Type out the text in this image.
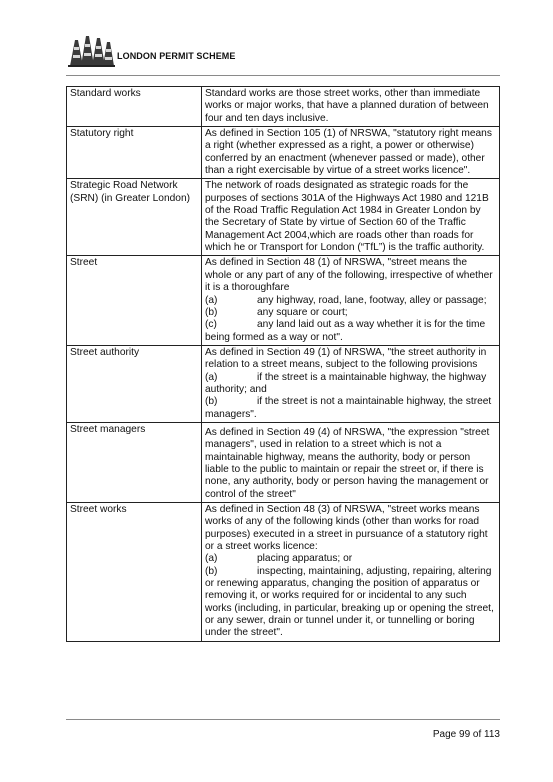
LONDON PERMIT SCHEME
Standard works	Standard works are those street works, other than immediate works or major works, that have a planned duration of between four and ten days inclusive.

Statutory right	As defined in Section 105 (1) of NRSWA, "statutory right means a right (whether expressed as a right, a power or otherwise) conferred by an enactment (whenever passed or made), other than a right exercisable by virtue of a street works licence".

Strategic Road Network (SRN) (in Greater London)	The network of roads designated as strategic roads for the purposes of sections 301A of the Highways Act 1980 and 121B of the Road Traffic Regulation Act 1984 in Greater London by the Secretary of State by virtue of Section 60 of the Traffic Management Act 2004,which are roads other than roads for which he or Transport for London (“TfL”) is the traffic authority.

Street	As defined in Section 48 (1) of NRSWA, "street means the whole or any part of any of the following, irrespective of whether it is a thoroughfare
(a) any highway, road, lane, footway, alley or passage;
(b) any square or court;
(c) any land laid out as a way whether it is for the time being formed as a way or not".

Street authority	As defined in Section 49 (1) of NRSWA, "the street authority in relation to a street means, subject to the following provisions
(a) if the street is a maintainable highway, the highway authority; and
(b) if the street is not a maintainable highway, the street managers".

Street managers	As defined in Section 49 (4) of NRSWA, "the expression "street managers", used in relation to a street which is not a maintainable highway, means the authority, body or person liable to the public to maintain or repair the street or, if there is none, any authority, body or person having the management or control of the street"

Street works	As defined in Section 48 (3) of NRSWA, "street works means works of any of the following kinds (other than works for road purposes) executed in a street in pursuance of a statutory right or a street works licence:
(a) placing apparatus; or
(b) inspecting, maintaining, adjusting, repairing, altering or renewing apparatus, changing the position of apparatus or removing it, or works required for or incidental to any such works (including, in particular, breaking up or opening the street, or any sewer, drain or tunnel under it, or tunnelling or boring under the street".
Page 99 of 113
